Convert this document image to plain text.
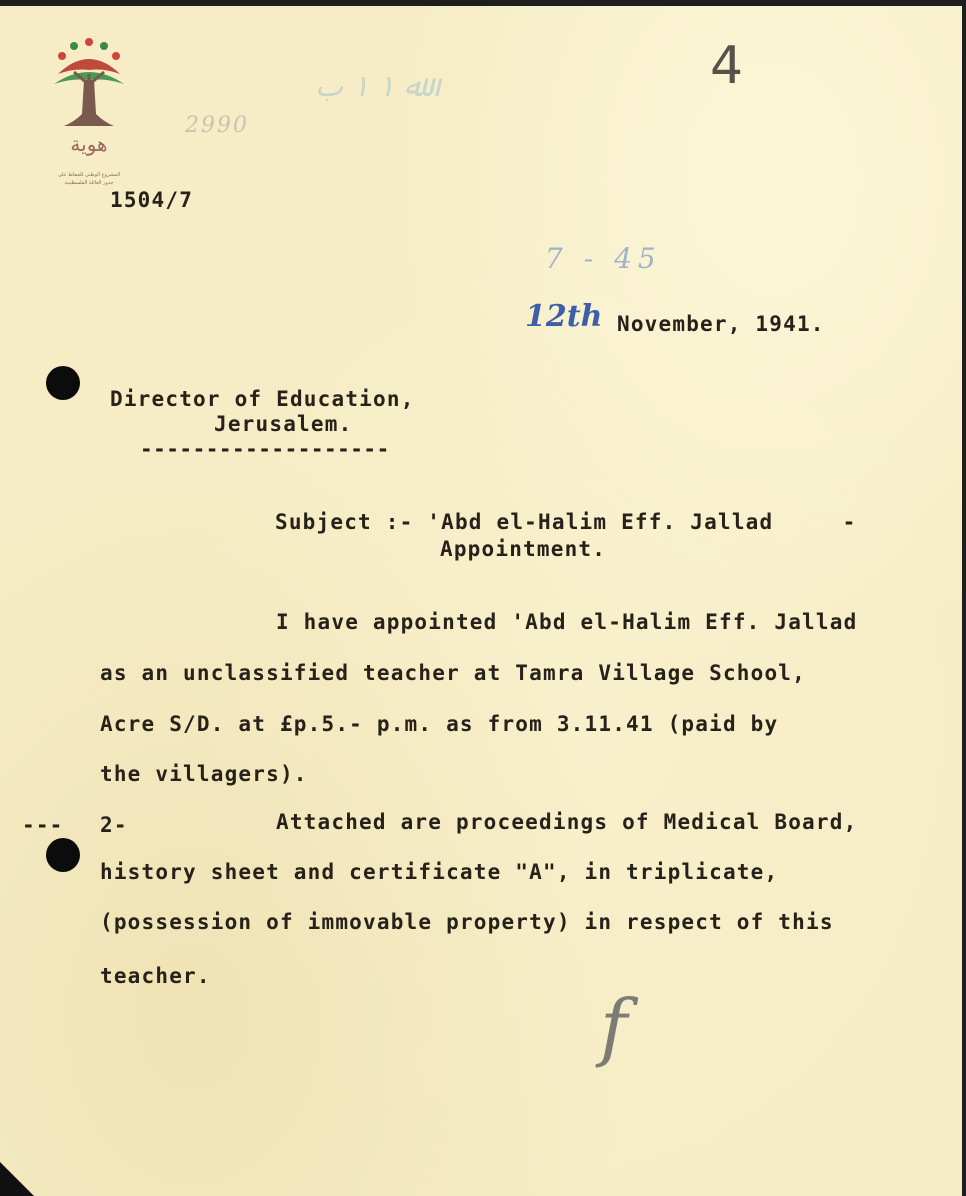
هوية
المشروع الوطني للحفاظ على
جذور العائلة الفلسطينية
4
2990
ﷲ ١ ١ ب
7 - 45
12th
f
1504/7
November, 1941.
Director of Education,
Jerusalem.
-------------------
Subject :- 'Abd el-Halim Eff. Jallad     -
Appointment.
I have appointed 'Abd el-Halim Eff. Jallad
as an unclassified teacher at Tamra Village School,
Acre S/D. at £p.5.- p.m. as from 3.11.41 (paid by
the villagers).
--- 2-	Attached are proceedings of Medical Board,
history sheet and certificate "A", in triplicate,
(possession of immovable property) in respect of this
teacher.
